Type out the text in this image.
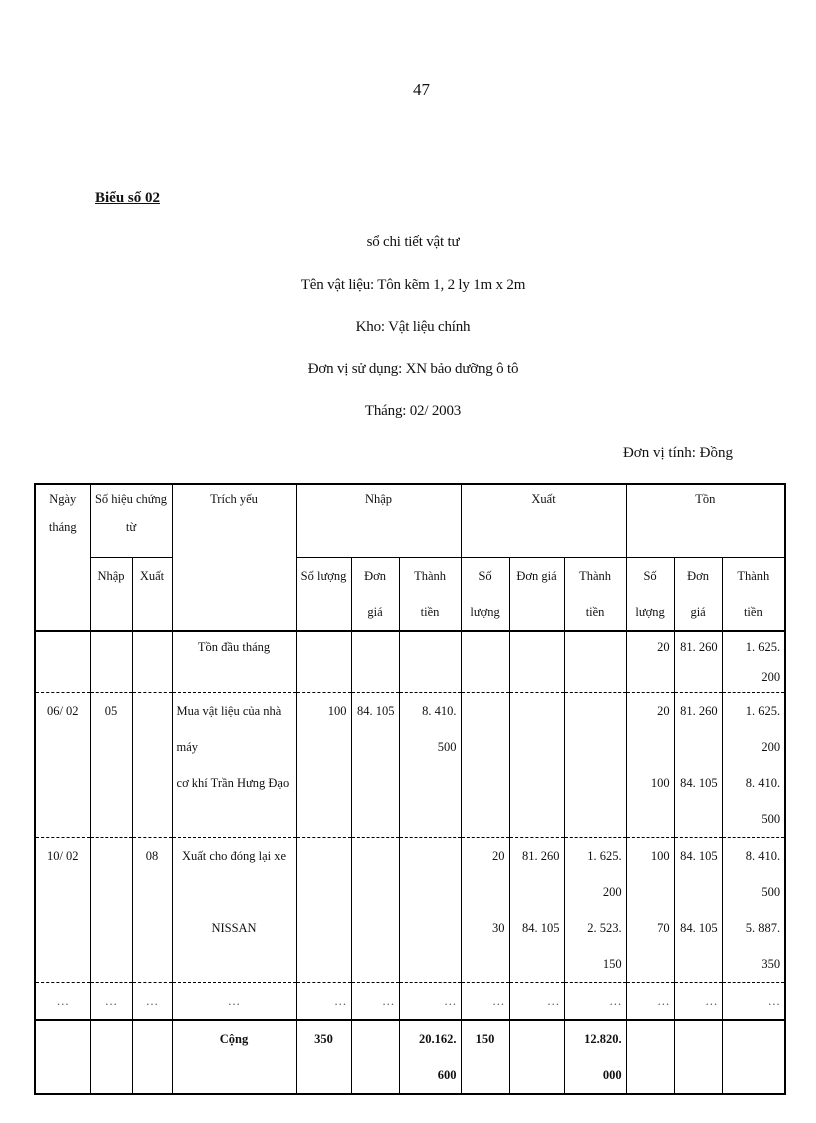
47
Biểu số 02
sổ chi tiết vật tư
Tên vật liệu: Tôn kẽm 1, 2 ly 1m x 2m
Kho: Vật liệu chính
Đơn vị sử dụng: XN bảo dưỡng ô tô
Tháng: 02/ 2003
Đơn vị tính: Đồng
Ngày tháng	Số hiệu chứng từ		Trích yếu	Nhập			Xuất			Tồn		
	Nhập	Xuất		Số lượng	Đơn giá	Thành tiền	Số lượng	Đơn giá	Thành tiền	Số lượng	Đơn giá	Thành tiền
			Tồn đầu tháng							20	81. 260	1. 625. 200
06/ 02	05		Mua vật liệu của nhà máy	100	84. 105	8. 410. 500				20	81. 260	1. 625. 200
			cơ khí Trần Hưng Đạo							100	84. 105	8. 410. 500
10/ 02		08	Xuất cho đóng lại xe				20	81. 260	1. 625. 200	100	84. 105	8. 410. 500
			NISSAN				30	84. 105	2. 523. 150	70	84. 105	5. 887. 350
…	…	…	…	…	…	…	…	…	…	…	…	…
			Cộng	350		20.162.	150		12.820.			
						600			000			
